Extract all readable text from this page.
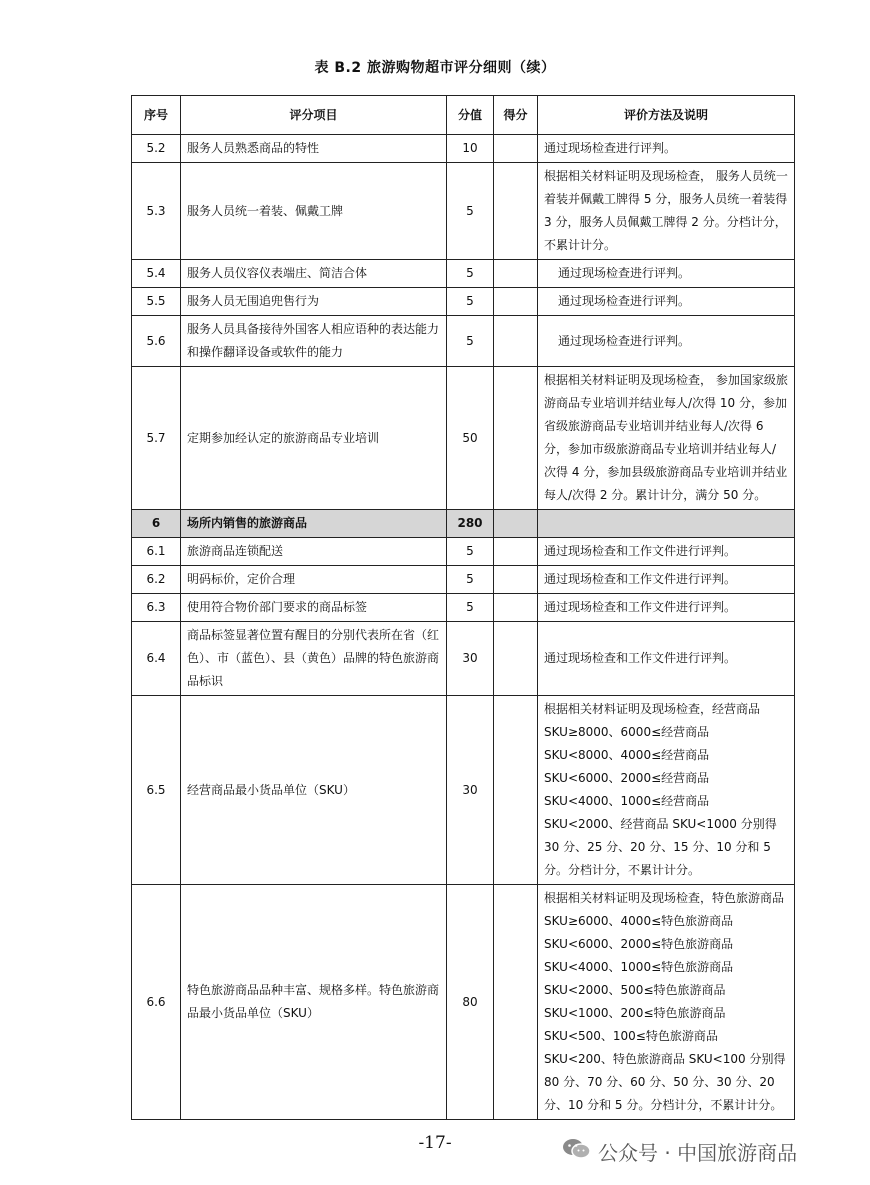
表 B.2 旅游购物超市评分细则（续）
序号	评分项目	分值	得分	评价方法及说明
5.2	服务人员熟悉商品的特性	10		通过现场检查进行评判。
5.3	服务人员统一着装、佩戴工牌	5		根据相关材料证明及现场检查， 服务人员统一着装并佩戴工牌得 5 分，服务人员统一着装得 3 分，服务人员佩戴工牌得 2 分。分档计分，不累计计分。
5.4	服务人员仪容仪表端庄、简洁合体	5		通过现场检查进行评判。
5.5	服务人员无围追兜售行为	5		通过现场检查进行评判。
5.6	服务人员具备接待外国客人相应语种的表达能力和操作翻译设备或软件的能力	5		通过现场检查进行评判。
5.7	定期参加经认定的旅游商品专业培训	50		根据相关材料证明及现场检查， 参加国家级旅游商品专业培训并结业每人/次得 10 分，参加省级旅游商品专业培训并结业每人/次得 6 分，参加市级旅游商品专业培训并结业每人/次得 4 分，参加县级旅游商品专业培训并结业每人/次得 2 分。累计计分，满分 50 分。
6	场所内销售的旅游商品	280		
6.1	旅游商品连锁配送	5		通过现场检查和工作文件进行评判。
6.2	明码标价，定价合理	5		通过现场检查和工作文件进行评判。
6.3	使用符合物价部门要求的商品标签	5		通过现场检查和工作文件进行评判。
6.4	商品标签显著位置有醒目的分别代表所在省（红色）、市（蓝色）、县（黄色）品牌的特色旅游商品标识	30		通过现场检查和工作文件进行评判。
6.5	经营商品最小货品单位（SKU）	30		根据相关材料证明及现场检查，经营商品SKU≥8000、6000≤经营商品 SKU<8000、4000≤经营商品 SKU<6000、2000≤经营商品 SKU<4000、1000≤经营商品 SKU<2000、经营商品 SKU<1000 分别得 30 分、25 分、20 分、15 分、10 分和 5 分。分档计分，不累计计分。
6.6	特色旅游商品品种丰富、规格多样。特色旅游商品最小货品单位（SKU）	80		根据相关材料证明及现场检查，特色旅游商品 SKU≥6000、4000≤特色旅游商品 SKU<6000、2000≤特色旅游商品 SKU<4000、1000≤特色旅游商品 SKU<2000、500≤特色旅游商品 SKU<1000、200≤特色旅游商品 SKU<500、100≤特色旅游商品 SKU<200、特色旅游商品 SKU<100 分别得 80 分、70 分、60 分、50 分、30 分、20 分、10 分和 5 分。分档计分，不累计计分。
-17-	公众号 · 中国旅游商品
